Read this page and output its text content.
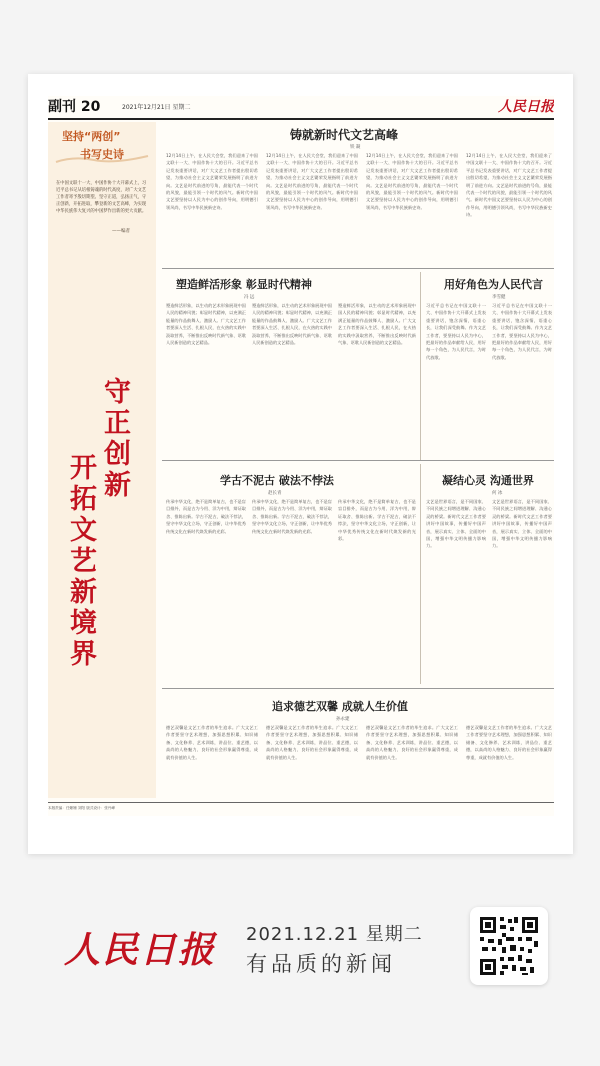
副刊 20	2021年12月21日 星期二	人民日报
坚持“两创”
书写史诗
在中国文联十一大、中国作协十大开幕式上，习近平总书记从培根铸魂的时代高度，对广大文艺工作者寄予殷切期望。坚守正道，弘扬正气，守正创新，开拓进取，攀登新的文艺高峰，为实现中华民族伟大复兴的中国梦作出新的更大贡献。
——编者
守正创新
开拓文艺新境界
铸就新时代文艺高峰
铁 凝
12月14日上午，在人民大会堂，我们迎来了中国文联十一大、中国作协十大的召开。习近平总书记发表重要讲话，对广大文艺工作者提出殷切希望，为推动社会主义文艺繁荣发展指明了前进方向。文艺是时代前进的号角，最能代表一个时代的风貌，最能引领一个时代的风气。新时代中国文艺要坚持以人民为中心的创作导向，用明德引领风尚，书写中华民族新史诗。
12月14日上午，在人民大会堂，我们迎来了中国文联十一大、中国作协十大的召开。习近平总书记发表重要讲话，对广大文艺工作者提出殷切希望，为推动社会主义文艺繁荣发展指明了前进方向。文艺是时代前进的号角，最能代表一个时代的风貌，最能引领一个时代的风气。新时代中国文艺要坚持以人民为中心的创作导向，用明德引领风尚，书写中华民族新史诗。
12月14日上午，在人民大会堂，我们迎来了中国文联十一大、中国作协十大的召开。习近平总书记发表重要讲话，对广大文艺工作者提出殷切希望，为推动社会主义文艺繁荣发展指明了前进方向。文艺是时代前进的号角，最能代表一个时代的风貌，最能引领一个时代的风气。新时代中国文艺要坚持以人民为中心的创作导向，用明德引领风尚，书写中华民族新史诗。
12月14日上午，在人民大会堂，我们迎来了中国文联十一大、中国作协十大的召开。习近平总书记发表重要讲话，对广大文艺工作者提出殷切希望，为推动社会主义文艺繁荣发展指明了前进方向。文艺是时代前进的号角，最能代表一个时代的风貌，最能引领一个时代的风气。新时代中国文艺要坚持以人民为中心的创作导向，用明德引领风尚，书写中华民族新史诗。
塑造鲜活形象 彰显时代精神
冯 远
塑造鲜活形象，以生动的艺术形象展现中国人民的精神风貌；彰显时代精神，以充满正能量的作品鼓舞人、激励人。广大文艺工作者要深入生活、扎根人民，在火热的实践中汲取营养，不断推出反映时代新气象、讴歌人民新创造的文艺精品。
塑造鲜活形象，以生动的艺术形象展现中国人民的精神风貌；彰显时代精神，以充满正能量的作品鼓舞人、激励人。广大文艺工作者要深入生活、扎根人民，在火热的实践中汲取营养，不断推出反映时代新气象、讴歌人民新创造的文艺精品。
塑造鲜活形象，以生动的艺术形象展现中国人民的精神风貌；彰显时代精神，以充满正能量的作品鼓舞人、激励人。广大文艺工作者要深入生活、扎根人民，在火热的实践中汲取营养，不断推出反映时代新气象、讴歌人民新创造的文艺精品。
用好角色为人民代言
李雪健
习近平总书记在中国文联十一大、中国作协十大开幕式上发表重要讲话，饱含深情，语重心长，让我们深受鼓舞。作为文艺工作者，要坚持以人民为中心，把最好的作品奉献给人民，用好每一个角色，为人民代言，为时代放歌。
习近平总书记在中国文联十一大、中国作协十大开幕式上发表重要讲话，饱含深情，语重心长，让我们深受鼓舞。作为文艺工作者，要坚持以人民为中心，把最好的作品奉献给人民，用好每一个角色，为人民代言，为时代放歌。
学古不泥古 破法不悖法
赵长青
传承中华文化，绝不是简单复古，也不是盲目排外，而是古为今用、洋为中用，辩证取舍、推陈出新。学古不泥古，破法不悖法，坚守中华文化立场，守正创新，让中华优秀传统文化在新时代焕发新的光彩。
传承中华文化，绝不是简单复古，也不是盲目排外，而是古为今用、洋为中用，辩证取舍、推陈出新。学古不泥古，破法不悖法，坚守中华文化立场，守正创新，让中华优秀传统文化在新时代焕发新的光彩。
传承中华文化，绝不是简单复古，也不是盲目排外，而是古为今用、洋为中用，辩证取舍、推陈出新。学古不泥古，破法不悖法，坚守中华文化立场，守正创新，让中华优秀传统文化在新时代焕发新的光彩。
凝结心灵 沟通世界
何 冰
文艺是世界语言，是不同国家、不同民族之间增进理解、沟通心灵的桥梁。新时代文艺工作者要讲好中国故事，传播好中国声音，展示真实、立体、全面的中国，增强中华文明传播力影响力。
文艺是世界语言，是不同国家、不同民族之间增进理解、沟通心灵的桥梁。新时代文艺工作者要讲好中国故事，传播好中国声音，展示真实、立体、全面的中国，增强中华文明传播力影响力。
追求德艺双馨 成就人生价值
孙永建
德艺双馨是文艺工作者的毕生追求。广大文艺工作者要坚守艺术理想，加强思想积累、知识储备、文化修养、艺术训练，讲品位、重艺德，以高尚的人格魅力、良好的社会形象赢得尊重，成就有价值的人生。
德艺双馨是文艺工作者的毕生追求。广大文艺工作者要坚守艺术理想，加强思想积累、知识储备、文化修养、艺术训练，讲品位、重艺德，以高尚的人格魅力、良好的社会形象赢得尊重，成就有价值的人生。
德艺双馨是文艺工作者的毕生追求。广大文艺工作者要坚守艺术理想，加强思想积累、知识储备、文化修养、艺术训练，讲品位、重艺德，以高尚的人格魅力、良好的社会形象赢得尊重，成就有价值的人生。
德艺双馨是文艺工作者的毕生追求。广大文艺工作者要坚守艺术理想，加强思想积累、知识储备、文化修养、艺术训练，讲品位、重艺德，以高尚的人格魅力、良好的社会形象赢得尊重，成就有价值的人生。
本版责编：任姗姗 刘阳 版式设计：张丹峰
人民日报 2021.12.21 星期二
有品质的新闻
